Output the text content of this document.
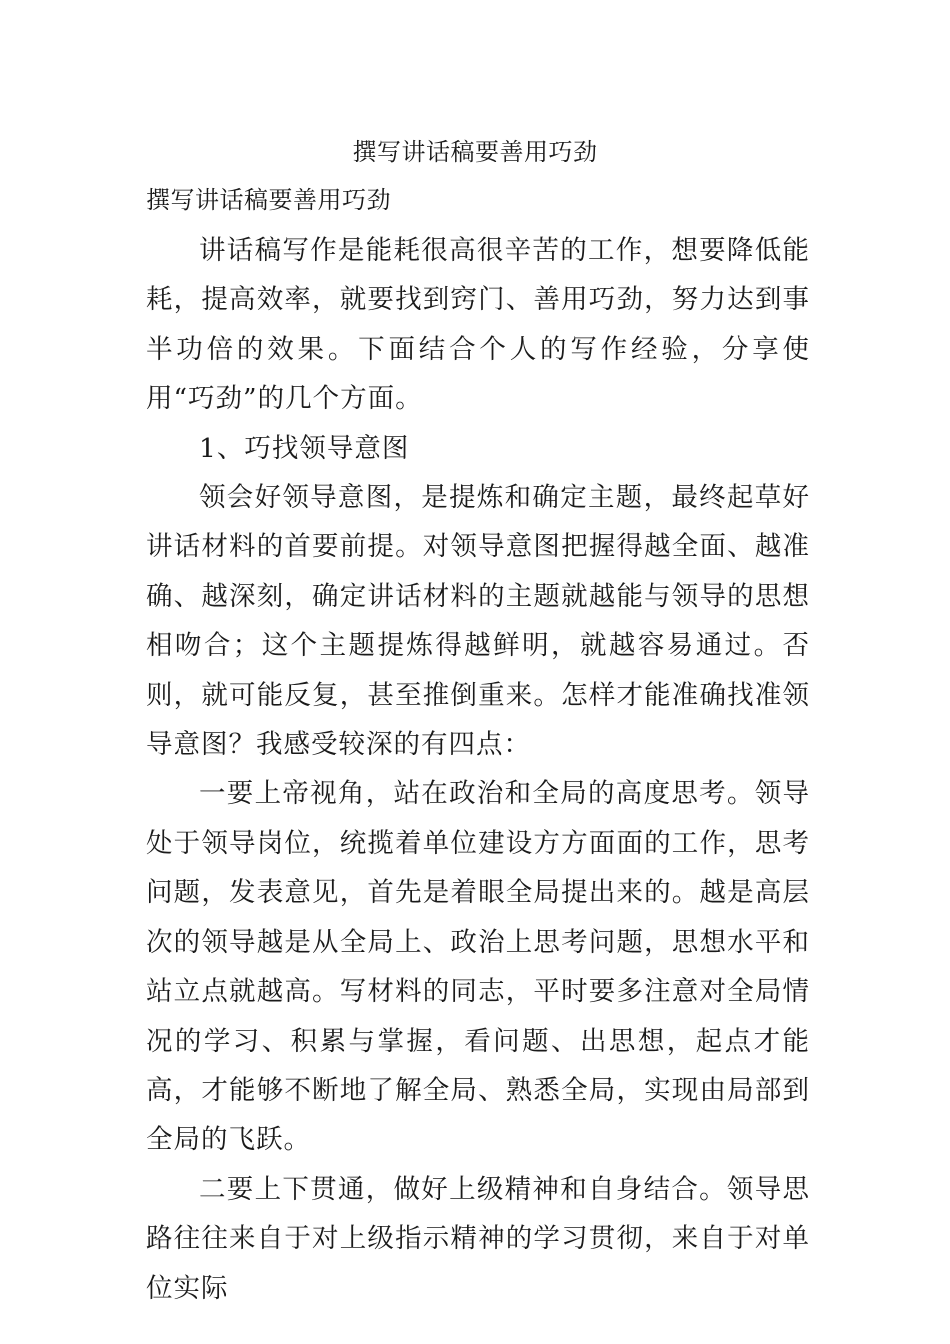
撰写讲话稿要善用巧劲
撰写讲话稿要善用巧劲

讲话稿写作是能耗很高很辛苦的工作，想要降低能耗，提高效率，就要找到窍门、善用巧劲，努力达到事半功倍的效果。下面结合个人的写作经验，分享使用“巧劲”的几个方面。

1、巧找领导意图

领会好领导意图，是提炼和确定主题，最终起草好讲话材料的首要前提。对领导意图把握得越全面、越准确、越深刻，确定讲话材料的主题就越能与领导的思想相吻合；这个主题提炼得越鲜明，就越容易通过。否则，就可能反复，甚至推倒重来。怎样才能准确找准领导意图？我感受较深的有四点：

一要上帝视角，站在政治和全局的高度思考。领导处于领导岗位，统揽着单位建设方方面面的工作，思考问题，发表意见，首先是着眼全局提出来的。越是高层次的领导越是从全局上、政治上思考问题，思想水平和站立点就越高。写材料的同志，平时要多注意对全局情况的学习、积累与掌握，看问题、出思想，起点才能高，才能够不断地了解全局、熟悉全局，实现由局部到全局的飞跃。

二要上下贯通，做好上级精神和自身结合。领导思路往往来自于对上级指示精神的学习贯彻，来自于对单位实际
